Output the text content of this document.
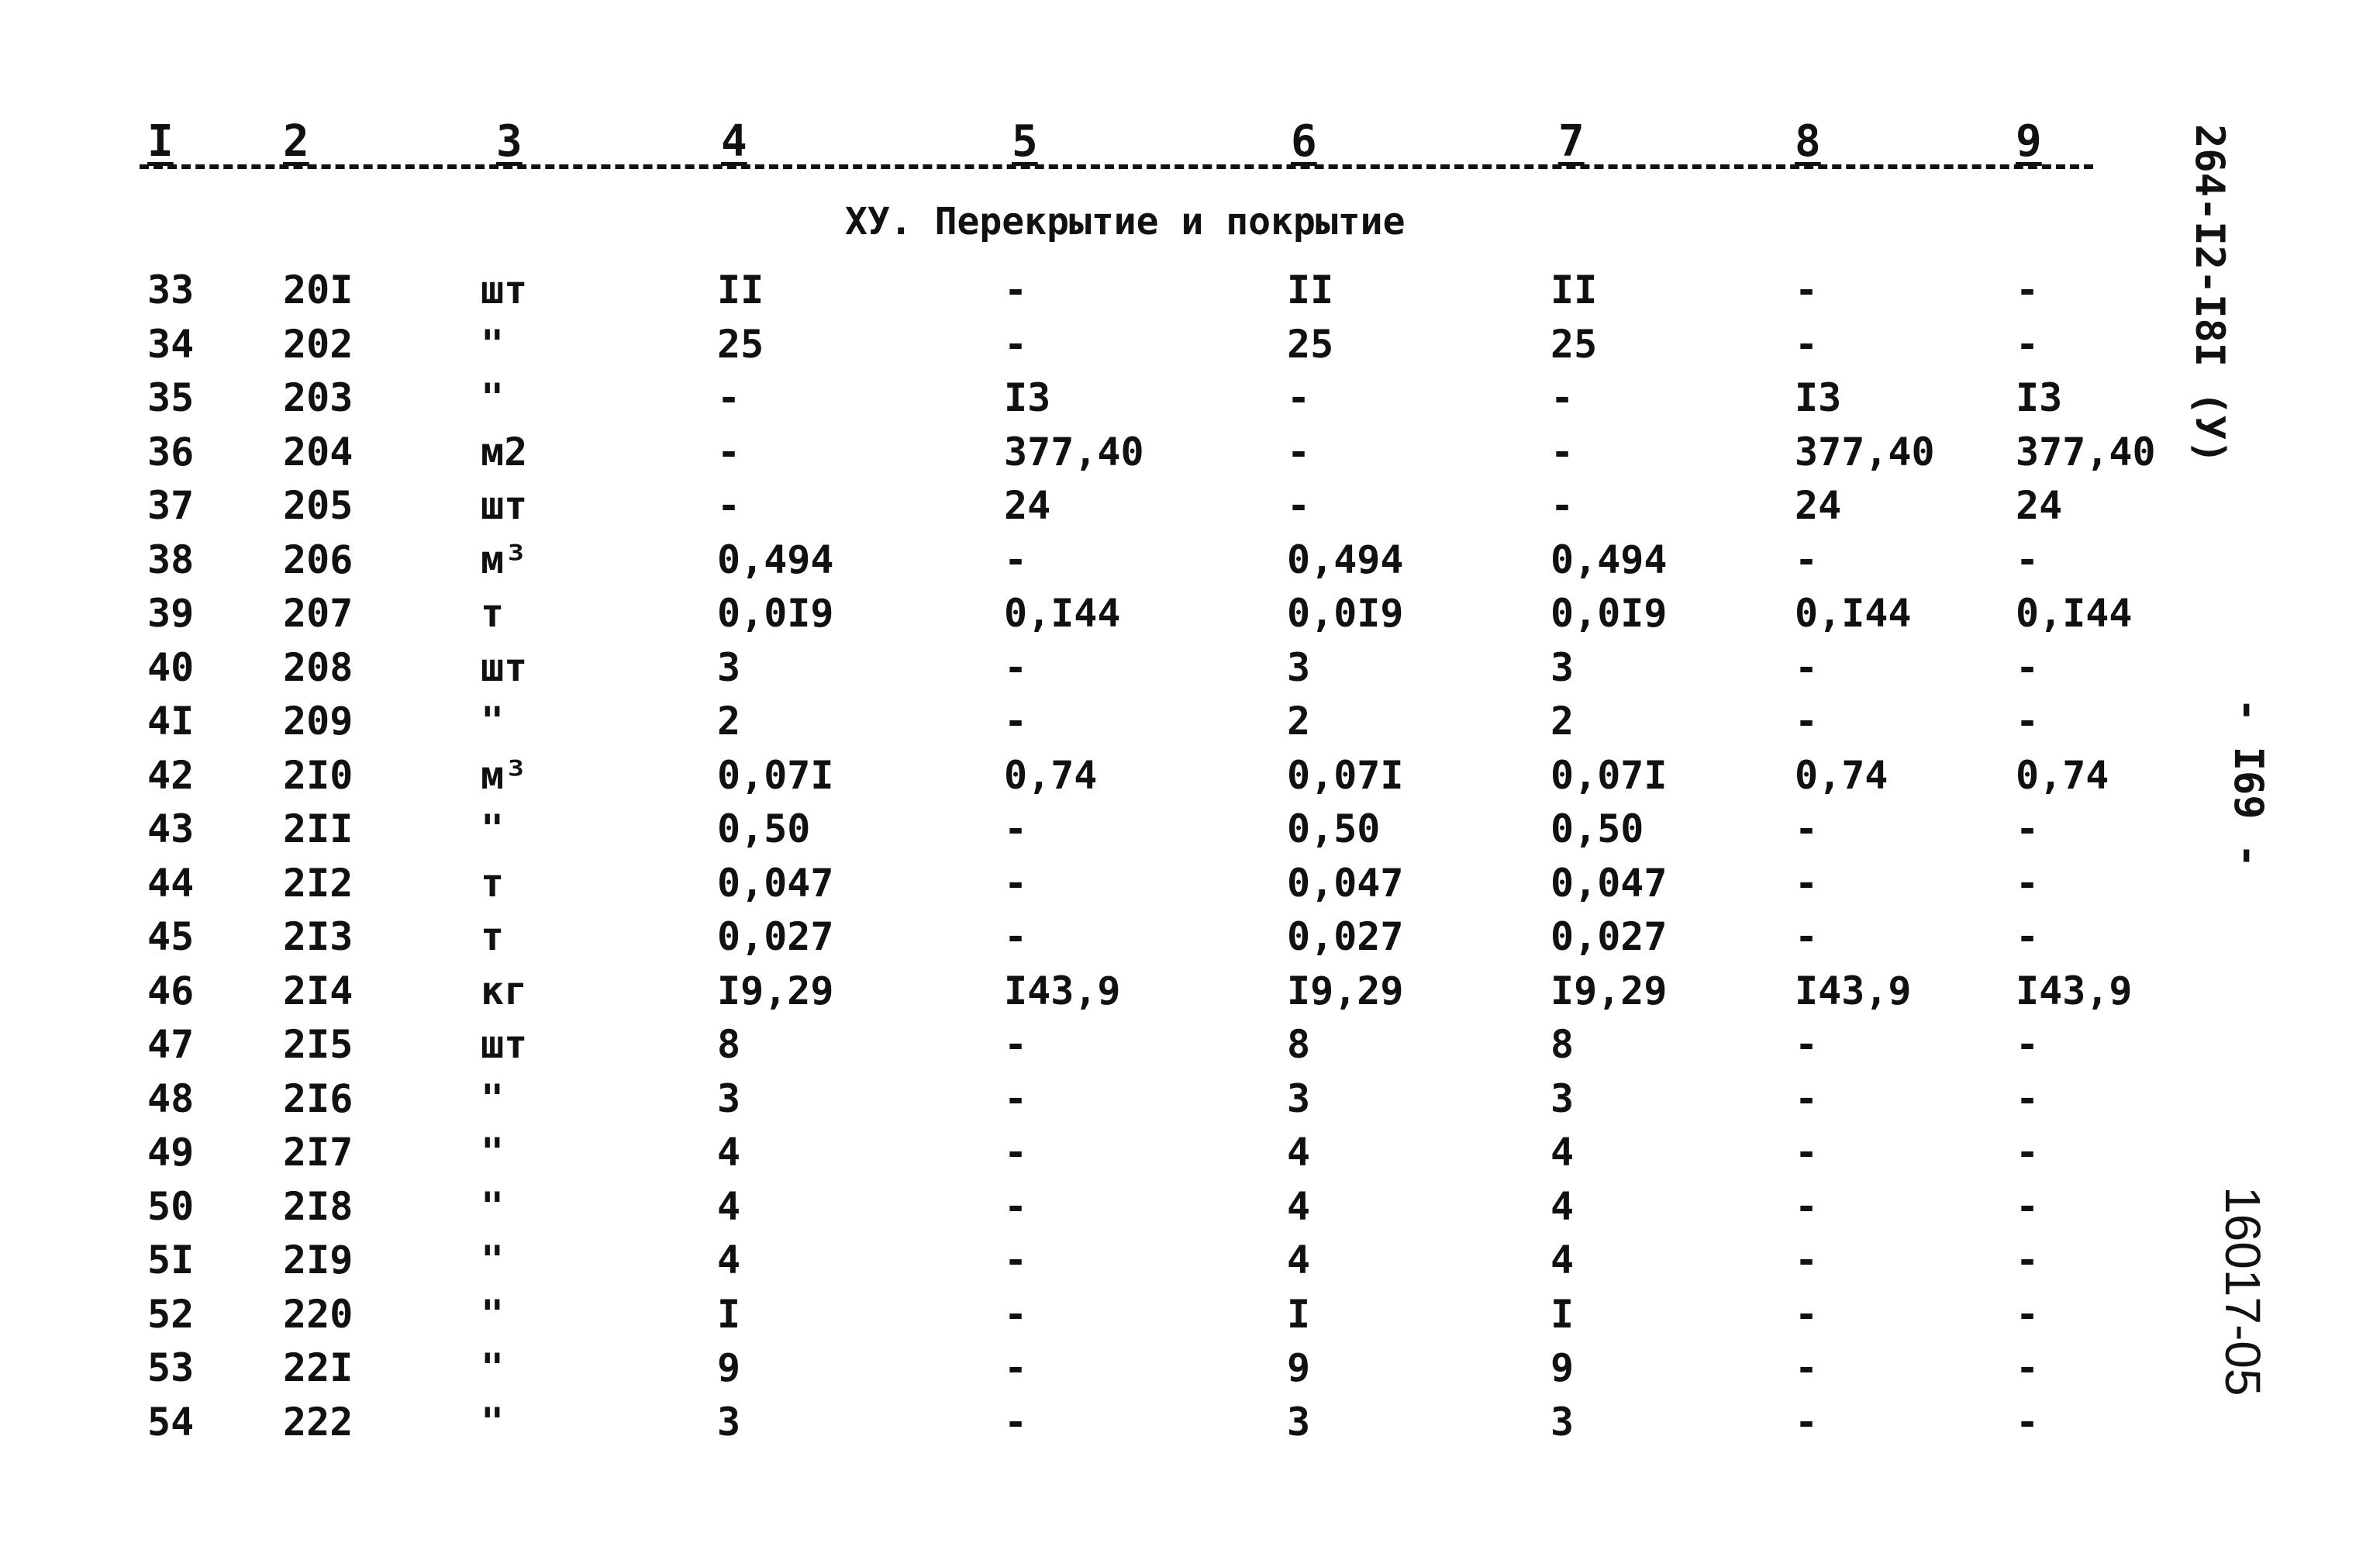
I	2	3	4	5	6	7	8	9
ХУ. Перекрытие и покрытие
33 20I	шт	II	-	II	II	-	-
34 202	"	25	-	25	25	-	-
35 203	"	-	I3	-	-	I3	I3
36 204	м2	-	377,40	-	-	377,40 377,40
37 205	шт	-	24	-	-	24	24
38 206	м³	0,494	-	0,494	0,494	-	-
39 207	т	0,0I9	0,I44	0,0I9	0,0I9	0,I44	0,I44
40 208	шт	3	-	3	3	-	-
4I 209	"	2	-	2	2	-	-
42 2I0	м³	0,07I	0,74	0,07I	0,07I	0,74	0,74
43 2II	"	0,50	-	0,50	0,50	-	-
44 2I2	т	0,047	-	0,047	0,047	-	-
45 2I3	т	0,027	-	0,027	0,027	-	-
46 2I4	кг	I9,29	I43,9	I9,29	I9,29	I43,9	I43,9
47 2I5	шт	8	-	8	8	-	-
48 2I6	"	3	-	3	3	-	-
49 2I7	"	4	-	4	4	-	-
50 2I8	"	4	-	4	4	-	-
5I 2I9	"	4	-	4	4	-	-
52 220	"	I	-	I	I	-	-
53 22I	"	9	-	9	9	-	-
54 222	"	3	-	3	3	-	-
264-I2-I8I (У)
- I69 -
16017-05
